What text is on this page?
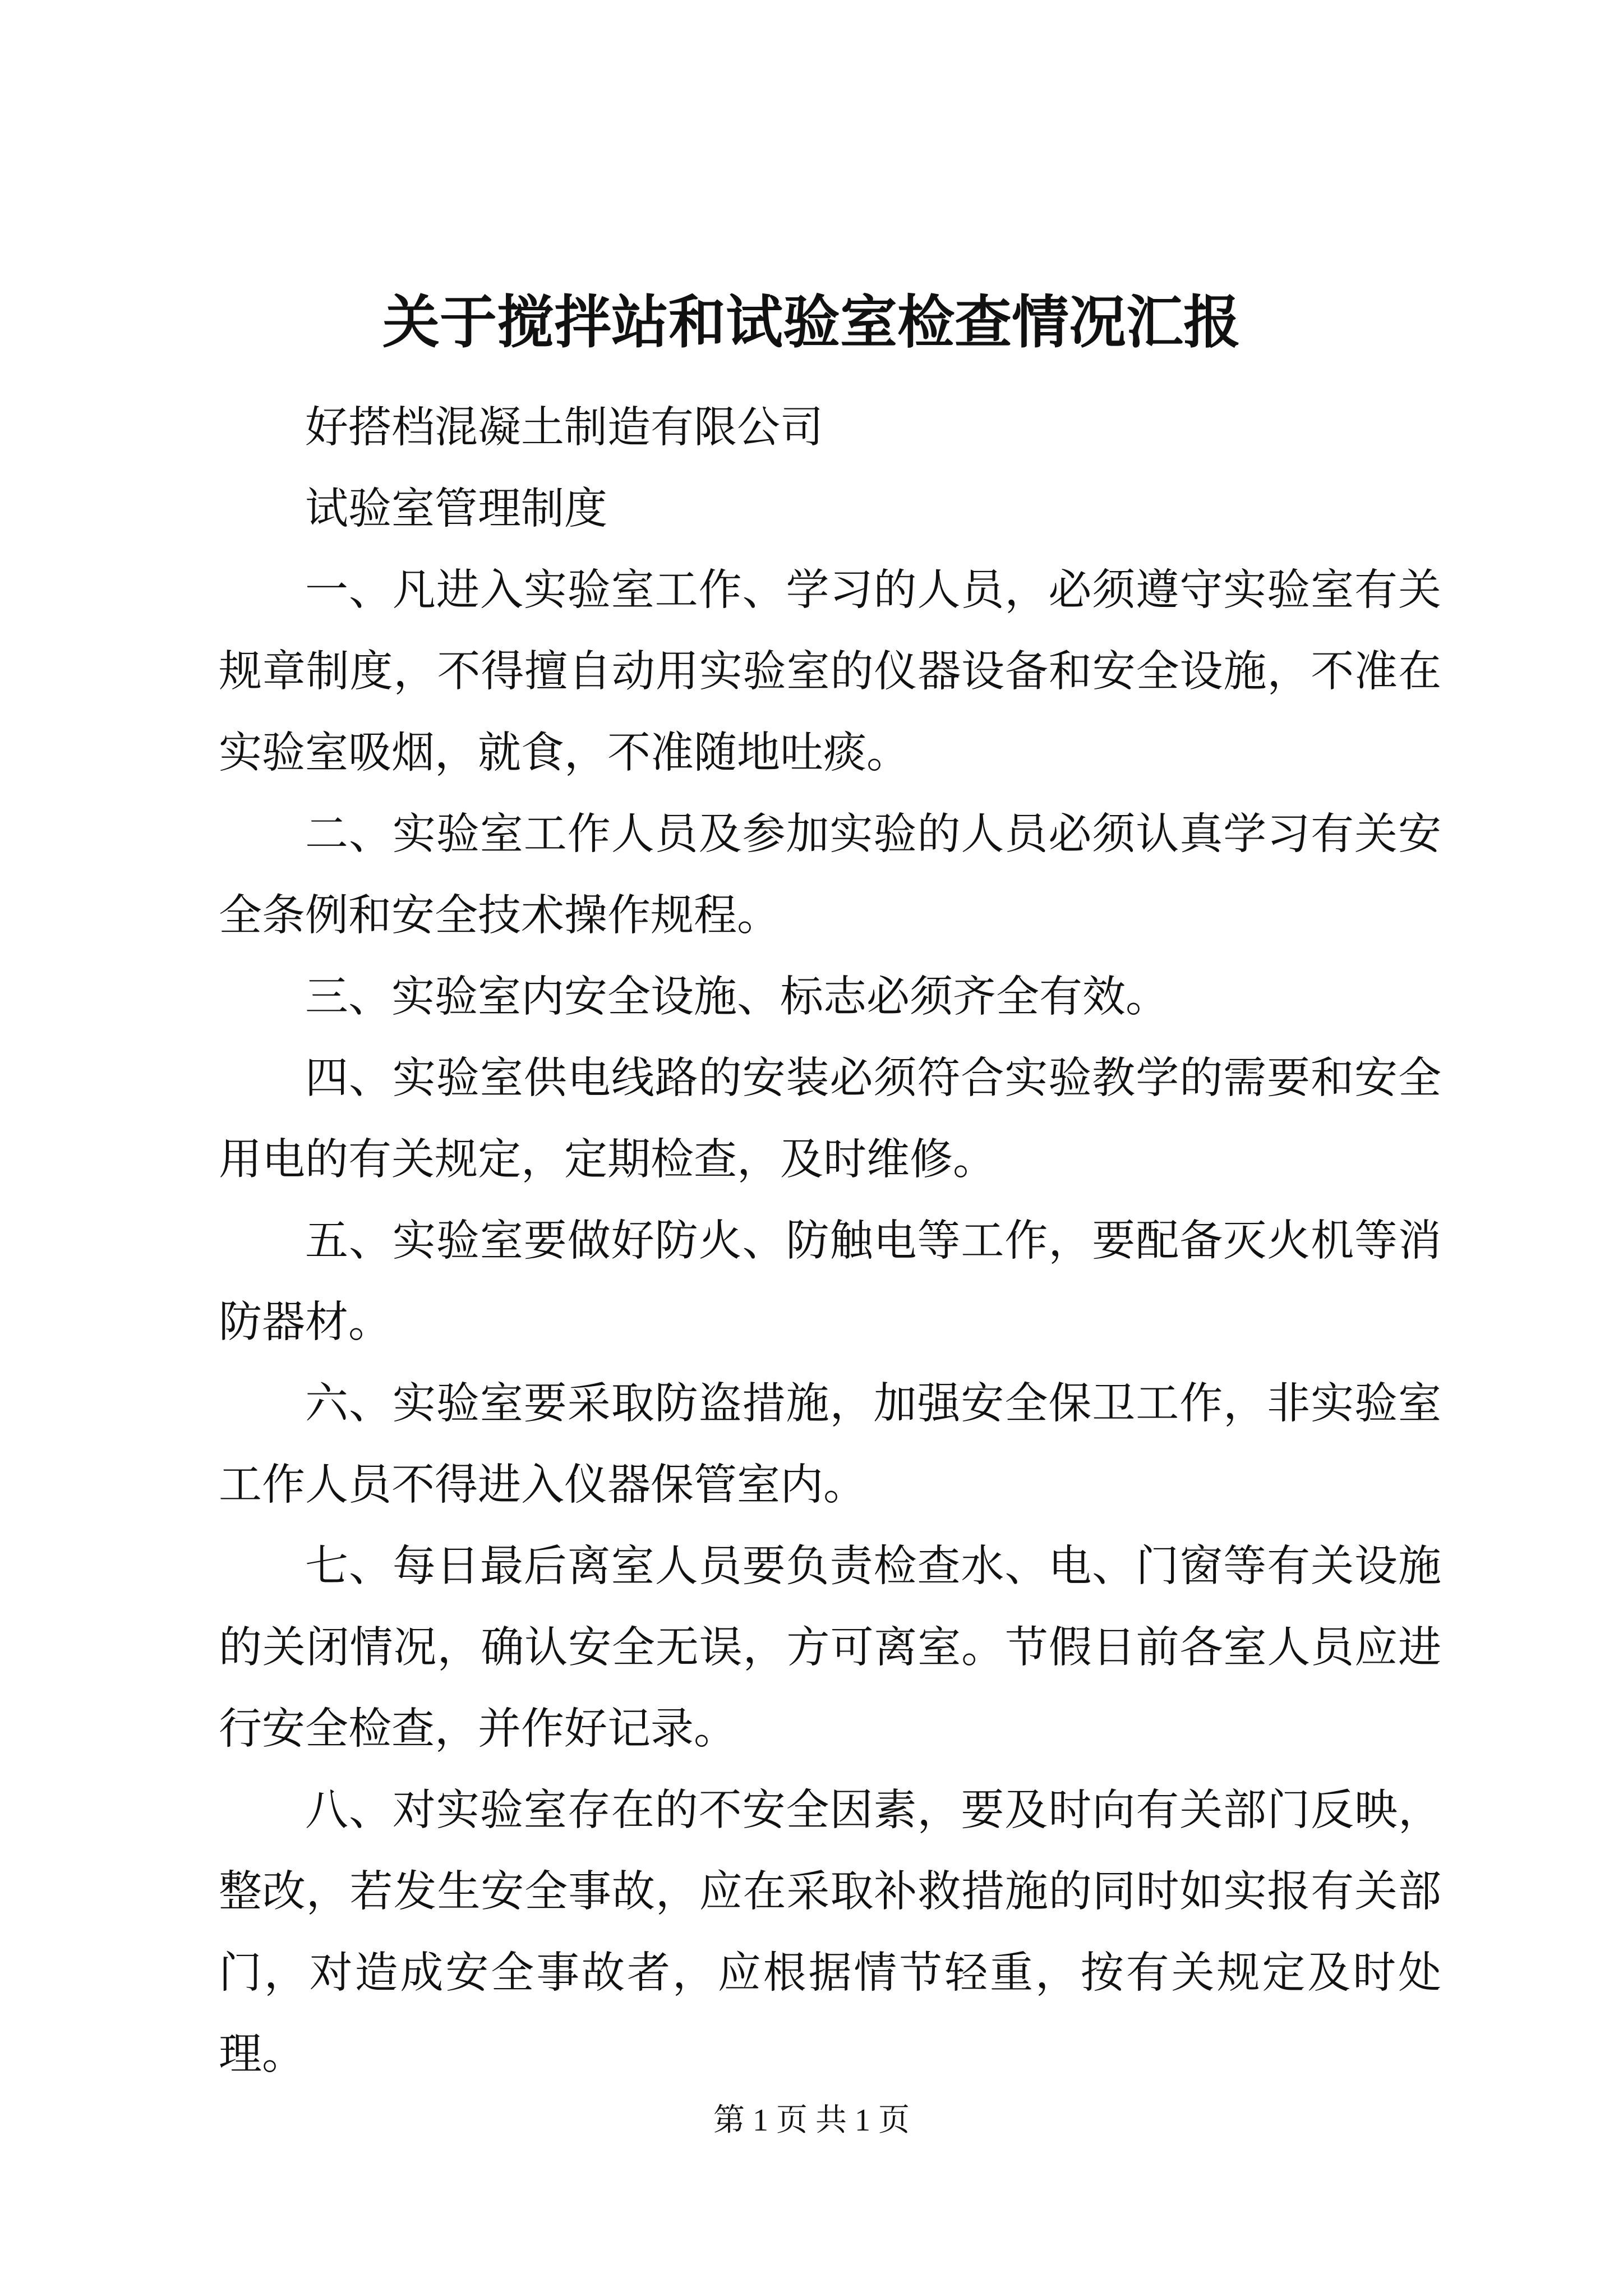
关于搅拌站和试验室检查情况汇报

好搭档混凝土制造有限公司

试验室管理制度

一、凡进入实验室工作、学习的人员，必须遵守实验室有关规章制度，不得擅自动用实验室的仪器设备和安全设施，不准在实验室吸烟，就食，不准随地吐痰。

二、实验室工作人员及参加实验的人员必须认真学习有关安全条例和安全技术操作规程。

三、实验室内安全设施、标志必须齐全有效。

四、实验室供电线路的安装必须符合实验教学的需要和安全用电的有关规定，定期检查，及时维修。

五、实验室要做好防火、防触电等工作，要配备灭火机等消防器材。

六、实验室要采取防盗措施，加强安全保卫工作，非实验室工作人员不得进入仪器保管室内。

七、每日最后离室人员要负责检查水、电、门窗等有关设施的关闭情况，确认安全无误，方可离室。节假日前各室人员应进行安全检查，并作好记录。

八、对实验室存在的不安全因素，要及时向有关部门反映，整改，若发生安全事故，应在采取补救措施的同时如实报有关部门，对造成安全事故者，应根据情节轻重，按有关规定及时处理。

第 1 页 共 1 页
